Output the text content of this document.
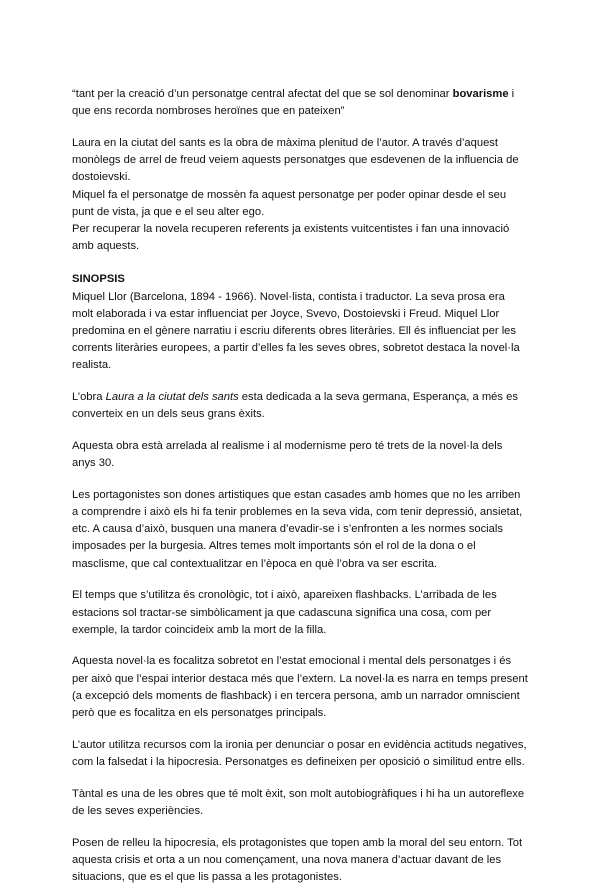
“tant per la creació d’un personatge central afectat del que se sol denominar bovarisme i que ens recorda nombroses heroïnes que en pateixen”

Laura en la ciutat del sants es la obra de màxima plenitud de l’autor. A través d’aquest monòlegs de arrel de freud veiem aquests personatges que esdevenen de la influencia de dostoievski.

Miquel fa el personatge de mossèn fa aquest personatge per poder opinar desde el seu punt de vista, ja que e el seu alter ego.

Per recuperar la novela recuperen referents ja existents vuitcentistes i fan una innovació amb aquests.

SINOPSIS

Miquel Llor (Barcelona, 1894 - 1966). Novel·lista, contista i traductor. La seva prosa era molt elaborada i va estar influenciat per Joyce, Svevo, Dostoievski i Freud. Miquel Llor predomina en el gènere narratiu i escriu diferents obres literàries. Ell és influenciat per les corrents literàries europees, a partir d’elles fa les seves obres, sobretot destaca la novel·la realista.

L’obra Laura a la ciutat dels sants esta dedicada a la seva germana, Esperança, a més es converteix en un dels seus grans èxits.

Aquesta obra està arrelada al realisme i al modernisme pero té trets de la novel·la dels anys 30.

Les portagonistes son dones artistiques que estan casades amb homes que no les arriben a comprendre i això els hi fa tenir problemes en la seva vida, com tenir depressió, ansietat, etc. A causa d’això, busquen una manera d’evadir-se i s’enfronten a les normes socials imposades per la burgesia. Altres temes molt importants són el rol de la dona o el masclisme, que cal contextualitzar en l’època en què l’obra va ser escrita.

El temps que s’utilitza és cronològic, tot i això, apareixen flashbacks. L’arribada de les estacions sol tractar-se simbòlicament ja que cadascuna significa una cosa, com per exemple, la tardor coincideix amb la mort de la filla.

Aquesta novel·la es focalitza sobretot en l’estat emocional i mental dels personatges i és per això que l’espai interior destaca més que l’extern. La novel·la es narra en temps present (a excepció dels moments de flashback) i en tercera persona, amb un narrador omniscient però que es focalitza en els personatges principals.

L’autor utilitza recursos com la ironia per denunciar o posar en evidència actituds negatives, com la falsedat i la hipocresia. Personatges es defineixen per oposició o similitud entre ells.

Tàntal es una de les obres que té molt èxit, son molt autobiogràfiques i hi ha un autoreflexe de les seves experiències.

Posen de relleu la hipocresia, els protagonistes que topen amb la moral del seu entorn. Tot aquesta crisis et orta a un nou començament, una nova manera d’actuar davant de les situacions, que es el que lis passa a les protagonistes.
